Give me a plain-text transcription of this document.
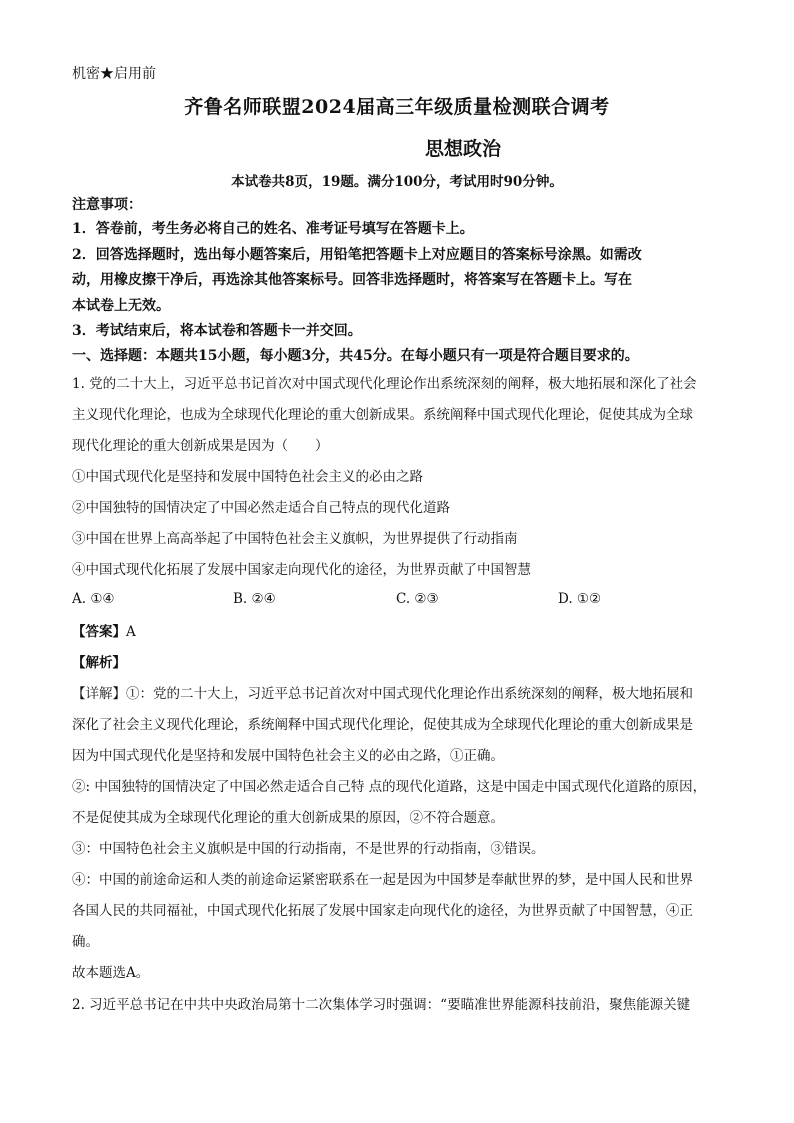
机密★启用前
齐鲁名师联盟2024届高三年级质量检测联合调考
思想政治
本试卷共8页，19题。满分100分，考试用时90分钟。
注意事项：
1．答卷前，考生务必将自己的姓名、准考证号填写在答题卡上。
2．回答选择题时，选出每小题答案后，用铅笔把答题卡上对应题目的答案标号涂黑。如需改
动，用橡皮擦干净后，再选涂其他答案标号。回答非选择题时，将答案写在答题卡上。写在
本试卷上无效。
3．考试结束后，将本试卷和答题卡一并交回。
一、选择题：本题共15小题，每小题3分，共45分。在每小题只有一项是符合题目要求的。
1. 党的二十大上，习近平总书记首次对中国式现代化理论作出系统深刻的阐释，极大地拓展和深化了社会
主义现代化理论，也成为全球现代化理论的重大创新成果。系统阐释中国式现代化理论，促使其成为全球
现代化理论的重大创新成果是因为（　　）
①中国式现代化是坚持和发展中国特色社会主义的必由之路
②中国独特的国情决定了中国必然走适合自己特点的现代化道路
③中国在世界上高高举起了中国特色社会主义旗帜，为世界提供了行动指南
④中国式现代化拓展了发展中国家走向现代化的途径，为世界贡献了中国智慧
A. ①④	B. ②④	C. ②③	D. ①②
【答案】A
【解析】
【详解】①：党的二十大上，习近平总书记首次对中国式现代化理论作出系统深刻的阐释，极大地拓展和
深化了社会主义现代化理论，系统阐释中国式现代化理论，促使其成为全球现代化理论的重大创新成果是
因为中国式现代化是坚持和发展中国特色社会主义的必由之路，①正确。
②: 中国独特的国情决定了中国必然走适合自己特 点的现代化道路，这是中国走中国式现代化道路的原因，
不是促使其成为全球现代化理论的重大创新成果的原因，②不符合题意。
③：中国特色社会主义旗帜是中国的行动指南，不是世界的行动指南，③错误。
④：中国的前途命运和人类的前途命运紧密联系在一起是因为中国梦是奉献世界的梦，是中国人民和世界
各国人民的共同福祉，中国式现代化拓展了发展中国家走向现代化的途径，为世界贡献了中国智慧，④正
确。
故本题选A。
2. 习近平总书记在中共中央政治局第十二次集体学习时强调：“要瞄准世界能源科技前沿，聚焦能源关键
